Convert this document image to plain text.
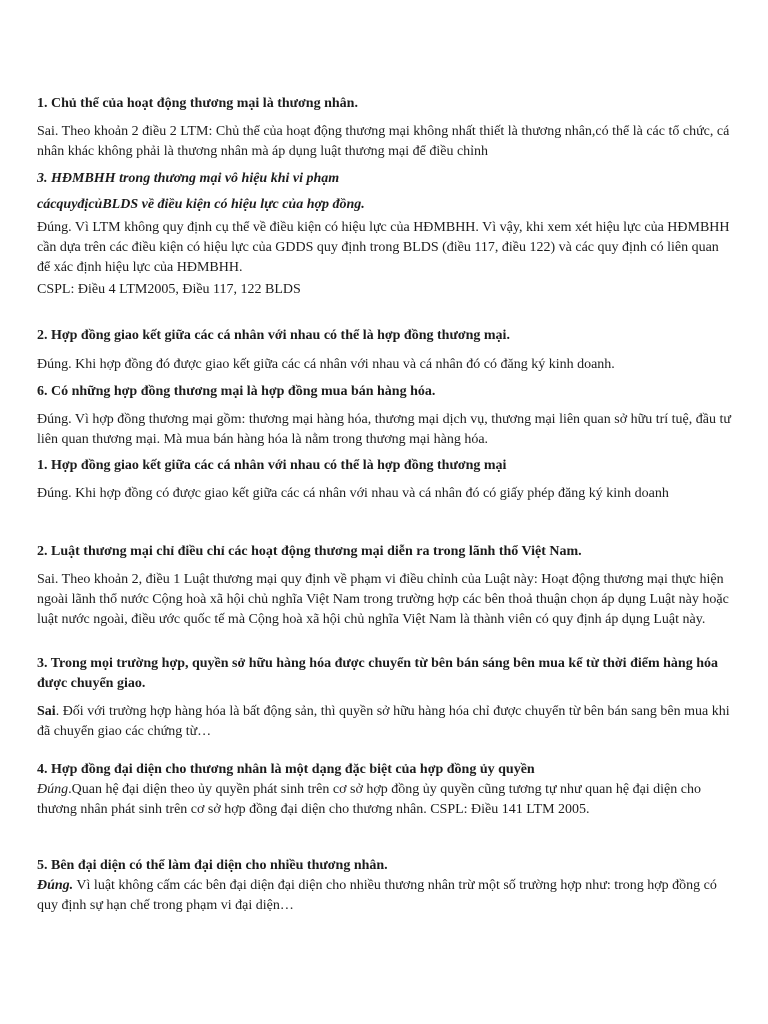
1. Chủ thể của hoạt động thương mại là thương nhân.

Sai. Theo khoản 2 điều 2 LTM: Chủ thể của hoạt động thương mại không nhất thiết là thương nhân,có thể là các tổ chức, cá nhân khác không phải là thương nhân mà áp dụng luật thương mại để điều chỉnh

3. HĐMBHH trong thương mại vô hiệu khi vi phạm
cácquyđịcủBLDS về điều kiện có hiệu lực của hợp đồng.

Đúng. Vì LTM không quy định cụ thể về điều kiện có hiệu lực của HĐMBHH. Vì vậy, khi xem xét hiệu lực của HĐMBHH cần dựa trên các điều kiện có hiệu lực của GDDS quy định trong BLDS (điều 117, điều 122) và các quy định có liên quan để xác định hiệu lực của HĐMBHH.

CSPL: Điều 4 LTM2005, Điều 117, 122 BLDS

2. Hợp đồng giao kết giữa các cá nhân với nhau có thể là hợp đồng thương mại.

Đúng. Khi hợp đồng đó được giao kết giữa các cá nhân với nhau và cá nhân đó có đăng ký kinh doanh.

6. Có những hợp đồng thương mại là hợp đồng mua bán hàng hóa.

Đúng. Vì hợp đồng thương mại gồm: thương mại hàng hóa, thương mại dịch vụ, thương mại liên quan sở hữu trí tuệ, đầu tư liên quan thương mại. Mà mua bán hàng hóa là nằm trong thương mại hàng hóa.

1. Hợp đồng giao kết giữa các cá nhân với nhau có thể là hợp đồng thương mại

Đúng. Khi hợp đồng có được giao kết giữa các cá nhân với nhau và cá nhân đó có giấy phép đăng ký kinh doanh

2. Luật thương mại chỉ điều chỉ các hoạt động thương mại diễn ra trong lãnh thổ Việt Nam.

Sai. Theo khoản 2, điều 1 Luật thương mại quy định về phạm vi điều chỉnh của Luật này: Hoạt động thương mại thực hiện ngoài lãnh thổ nước Cộng hoà xã hội chủ nghĩa Việt Nam trong trường hợp các bên thoả thuận chọn áp dụng Luật này hoặc luật nước ngoài, điều ước quốc tế mà Cộng hoà xã hội chủ nghĩa Việt Nam là thành viên có quy định áp dụng Luật này.

3. Trong mọi trường hợp, quyền sở hữu hàng hóa được chuyển từ bên bán sáng bên mua kể từ thời điểm hàng hóa được chuyển giao.

Sai. Đối với trường hợp hàng hóa là bất động sản, thì quyền sở hữu hàng hóa chỉ được chuyển từ bên bán sang bên mua khi đã chuyển giao các chứng từ…

4. Hợp đồng đại diện cho thương nhân là một dạng đặc biệt của hợp đồng ủy quyền

Đúng.Quan hệ đại diện theo ủy quyền phát sinh trên cơ sở hợp đồng ủy quyền cũng tương tự như quan hệ đại diện cho thương nhân phát sinh trên cơ sở hợp đồng đại diện cho thương nhân. CSPL: Điều 141 LTM 2005.

5. Bên đại diện có thể làm đại diện cho nhiều thương nhân.

Đúng. Vì luật không cấm các bên đại diện đại diện cho nhiều thương nhân trừ một số trường hợp như: trong hợp đồng có quy định sự hạn chế trong phạm vi đại diện…
